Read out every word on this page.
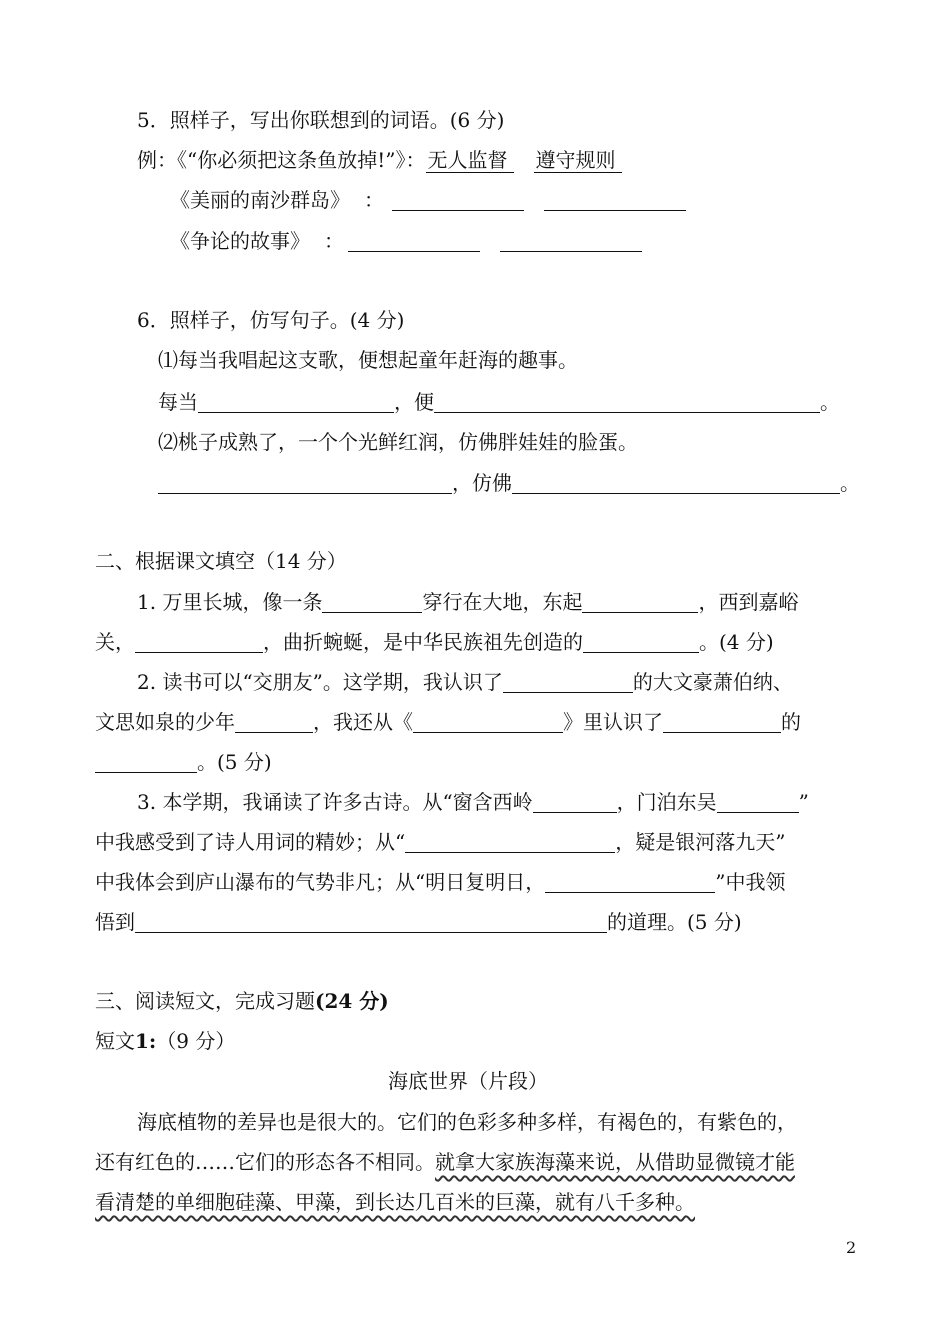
5．照样子，写出你联想到的词语。(6 分)
例：《“你必须把这条鱼放掉!”》： 无人监督 遵守规则
《美丽的南沙群岛》 ：
《争论的故事》 ：
6．照样子，仿写句子。(4 分)
⑴每当我唱起这支歌，便想起童年赶海的趣事。
每当	，便	。
⑵桃子成熟了，一个个光鲜红润，仿佛胖娃娃的脸蛋。
，仿佛	。
二、根据课文填空（14 分）
1. 万里长城，像一条	穿行在大地，东起	，西到嘉峪
关，	，曲折蜿蜒，是中华民族祖先创造的	。(4 分)
2. 读书可以“交朋友”。这学期，我认识了	的大文豪萧伯纳、
文思如泉的少年	，我还从《	》里认识了	的
。(5 分)
3. 本学期，我诵读了许多古诗。从“窗含西岭	，门泊东吴	”
中我感受到了诗人用词的精妙；从“	，疑是银河落九天”
中我体会到庐山瀑布的气势非凡；从“明日复明日，	”中我领
悟到	的道理。(5 分)
三、阅读短文，完成习题(24 分)
短文1:（9 分）
海底世界（片段）
海底植物的差异也是很大的。它们的色彩多种多样，有褐色的，有紫色的，
还有红色的……它们的形态各不相同。就拿大家族海藻来说，从借助显微镜才能
看清楚的单细胞硅藻、甲藻，到长达几百米的巨藻，就有八千多种。
2
